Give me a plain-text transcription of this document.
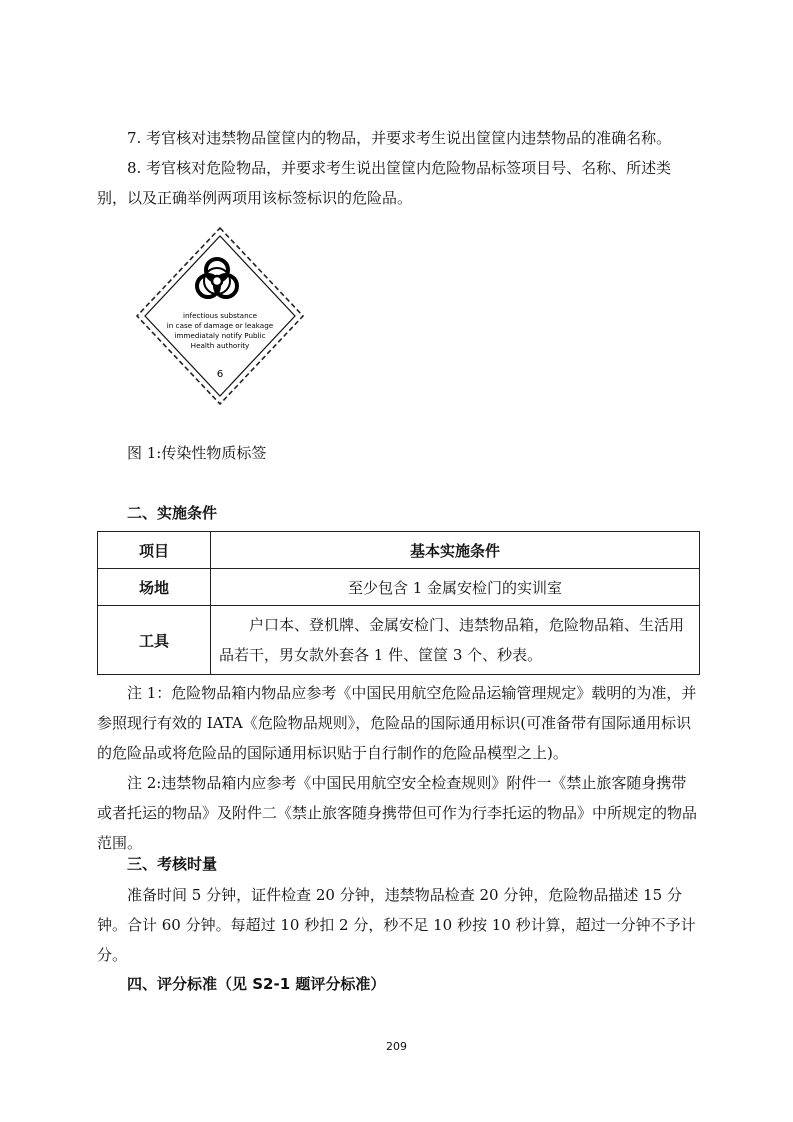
7. 考官核对违禁物品筐筐内的物品，并要求考生说出筐筐内违禁物品的准确名称。

8. 考官核对危险物品，并要求考生说出筐筐内危险物品标签项目号、名称、所述类别，以及正确举例两项用该标签标识的危险品。

infectious substance
in case of damage or leakage
immediataly notify Public
Health authority
6

图 1:传染性物质标签

二、实施条件

项目	基本实施条件
场地	至少包含 1 金属安检门的实训室
工具	户口本、登机牌、金属安检门、违禁物品箱，危险物品箱、生活用品若干，男女款外套各 1 件、筐筐 3 个、秒表。

注 1：危险物品箱内物品应参考《中国民用航空危险品运输管理规定》载明的为准，并参照现行有效的 IATA《危险物品规则》，危险品的国际通用标识(可准备带有国际通用标识的危险品或将危险品的国际通用标识贴于自行制作的危险品模型之上)。

注 2:违禁物品箱内应参考《中国民用航空安全检查规则》附件一《禁止旅客随身携带或者托运的物品》及附件二《禁止旅客随身携带但可作为行李托运的物品》中所规定的物品范围。

三、考核时量

准备时间 5 分钟，证件检查 20 分钟，违禁物品检查 20 分钟，危险物品描述 15 分钟。合计 60 分钟。每超过 10 秒扣 2 分，秒不足 10 秒按 10 秒计算，超过一分钟不予计分。

四、评分标准（见 S2-1 题评分标准）

209
